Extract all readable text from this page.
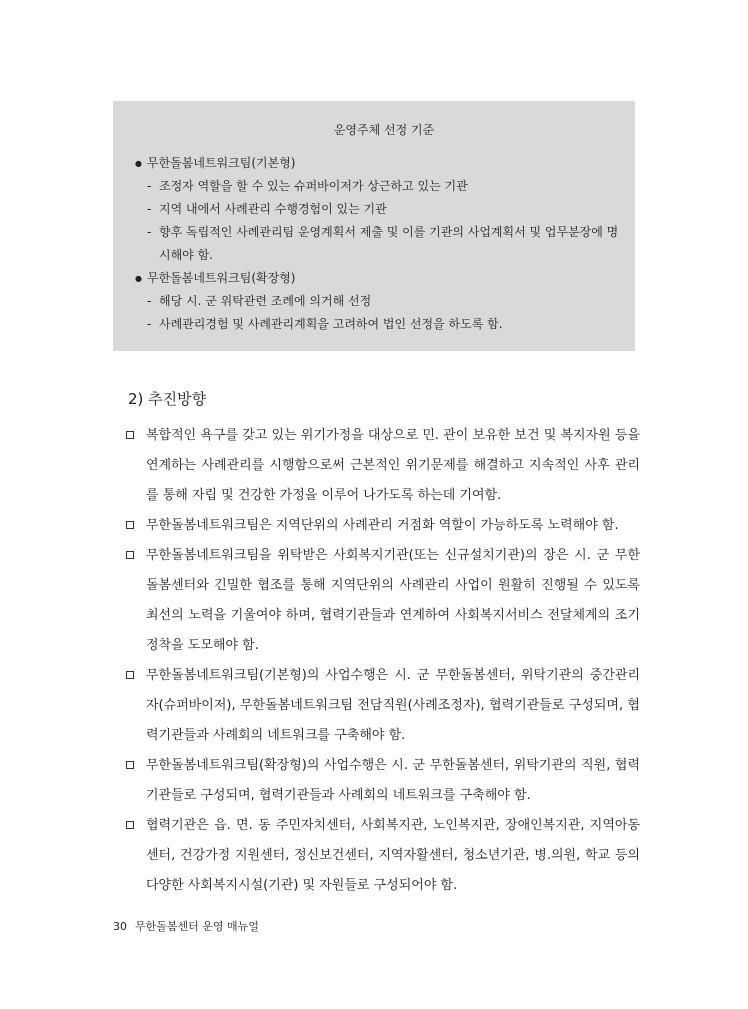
운영주체 선정 기준
● 무한돌봄네트워크팀(기본형)
- 조정자 역할을 할 수 있는 슈퍼바이저가 상근하고 있는 기관
- 지역 내에서 사례관리 수행경험이 있는 기관
- 향후 독립적인 사례관리팀 운영계획서 제출 및 이를 기관의 사업계획서 및 업무분장에 명시해야 함.
● 무한돌봄네트워크팀(확장형)
- 해당 시. 군 위탁관련 조례에 의거해 선정
- 사례관리경험 및 사례관리계획을 고려하여 법인 선정을 하도록 함.
2) 추진방향
복합적인 욕구를 갖고 있는 위기가정을 대상으로 민. 관이 보유한 보건 및 복지자원 등을 연계하는 사례관리를 시행함으로써 근본적인 위기문제를 해결하고 지속적인 사후 관리를 통해 자립 및 건강한 가정을 이루어 나가도록 하는데 기여함.
무한돌봄네트워크팀은 지역단위의 사례관리 거점화 역할이 가능하도록 노력해야 함.
무한돌봄네트워크팀을 위탁받은 사회복지기관(또는 신규설치기관)의 장은 시. 군 무한돌봄센터와 긴밀한 협조를 통해 지역단위의 사례관리 사업이 원활히 진행될 수 있도록 최선의 노력을 기울여야 하며, 협력기관들과 연계하여 사회복지서비스 전달체계의 조기정착을 도모해야 함.
무한돌봄네트워크팀(기본형)의 사업수행은 시. 군 무한돌봄센터, 위탁기관의 중간관리자(슈퍼바이저), 무한돌봄네트워크팀 전담직원(사례조정자), 협력기관들로 구성되며, 협력기관들과 사례회의 네트워크를 구축해야 함.
무한돌봄네트워크팀(확장형)의 사업수행은 시. 군 무한돌봄센터, 위탁기관의 직원, 협력기관들로 구성되며, 협력기관들과 사례회의 네트워크를 구축해야 함.
협력기관은 읍. 면. 동 주민자치센터, 사회복지관, 노인복지관, 장애인복지관, 지역아동센터, 건강가정 지원센터, 정신보건센터, 지역자활센터, 청소년기관, 병.의원, 학교 등의 다양한 사회복지시설(기관) 및 자원들로 구성되어야 함.
30 무한돌봄센터 운영 매뉴얼
